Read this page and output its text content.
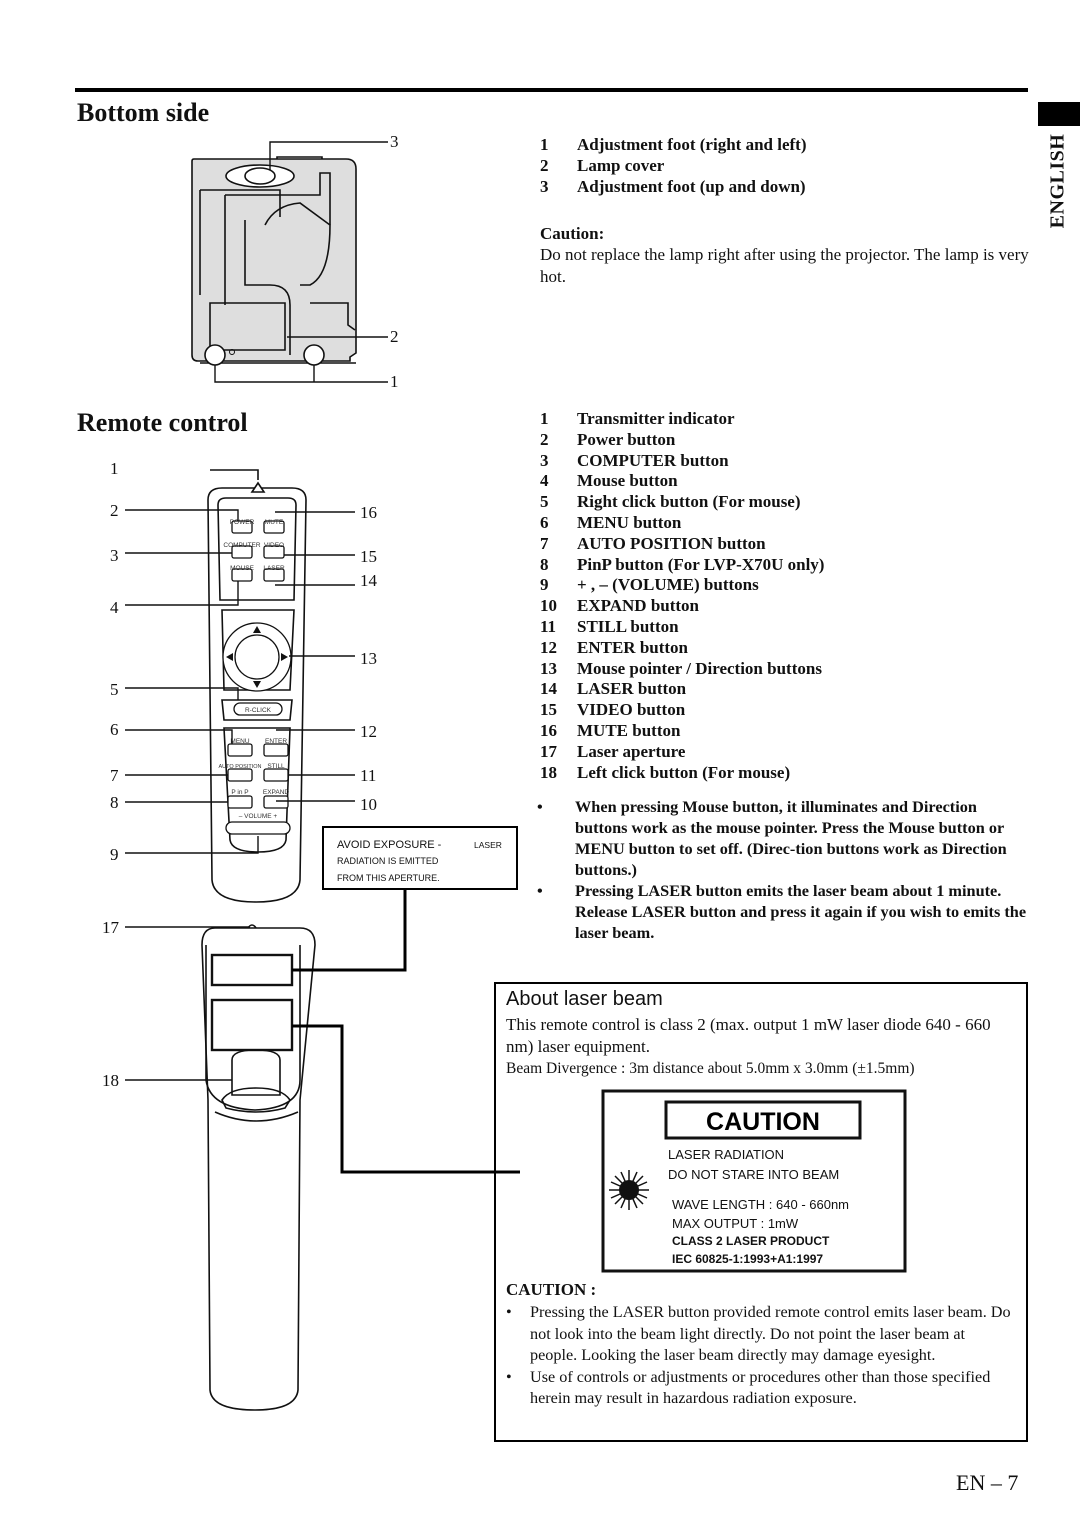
ENGLISH
Bottom side
3
2
1
1	Adjustment foot (right and left)
2	Lamp cover
3	Adjustment foot (up and down)
Caution:
Do not replace the lamp right after using the projector. The lamp is very hot.
Remote control
POWER MUTE
COMPUTER VIDEO
MOUSE LASER
R-CLICK
MENU ENTER
AUTO POSITION STILL
P in P EXPAND
– VOLUME +
AVOID EXPOSURE -	LASER
RADIATION IS EMITTED
FROM THIS APERTURE.
1
2
3
4
5
6
7
8
9
17
18
16
15
14
13
12
11
10
1	Transmitter indicator
2	Power button
3	COMPUTER button
4	Mouse button
5	Right click button (For mouse)
6	MENU button
7	AUTO POSITION button
8	PinP button (For LVP-X70U only)
9	+ , – (VOLUME) buttons
10	EXPAND button
11	STILL button
12	ENTER button
13	Mouse pointer / Direction buttons
14	LASER button
15	VIDEO button
16	MUTE button
17	Laser aperture
18	Left click button (For mouse)
•	When pressing Mouse button, it illuminates and Direction buttons work as the mouse pointer. Press the Mouse button or MENU button to set off. (Direc-tion buttons work as Direction buttons.)
•	Pressing LASER button emits the laser beam about 1 minute. Release LASER button and press it again if you wish to emits the laser beam.
About laser beam
This remote control is class 2 (max. output 1 mW laser diode 640 - 660 nm) laser equipment.
Beam Divergence : 3m distance about 5.0mm x 3.0mm (±1.5mm)
CAUTION
LASER RADIATION
DO NOT STARE INTO BEAM
WAVE LENGTH : 640 - 660nm
MAX OUTPUT : 1mW
CLASS 2 LASER PRODUCT
IEC 60825-1:1993+A1:1997
CAUTION :
•	Pressing the LASER button provided remote control emits laser beam. Do not look into the beam light directly. Do not point the laser beam at people. Looking the laser beam directly may damage eyesight.
•	Use of controls or adjustments or procedures other than those specified herein may result in hazardous radiation exposure.
EN – 7
